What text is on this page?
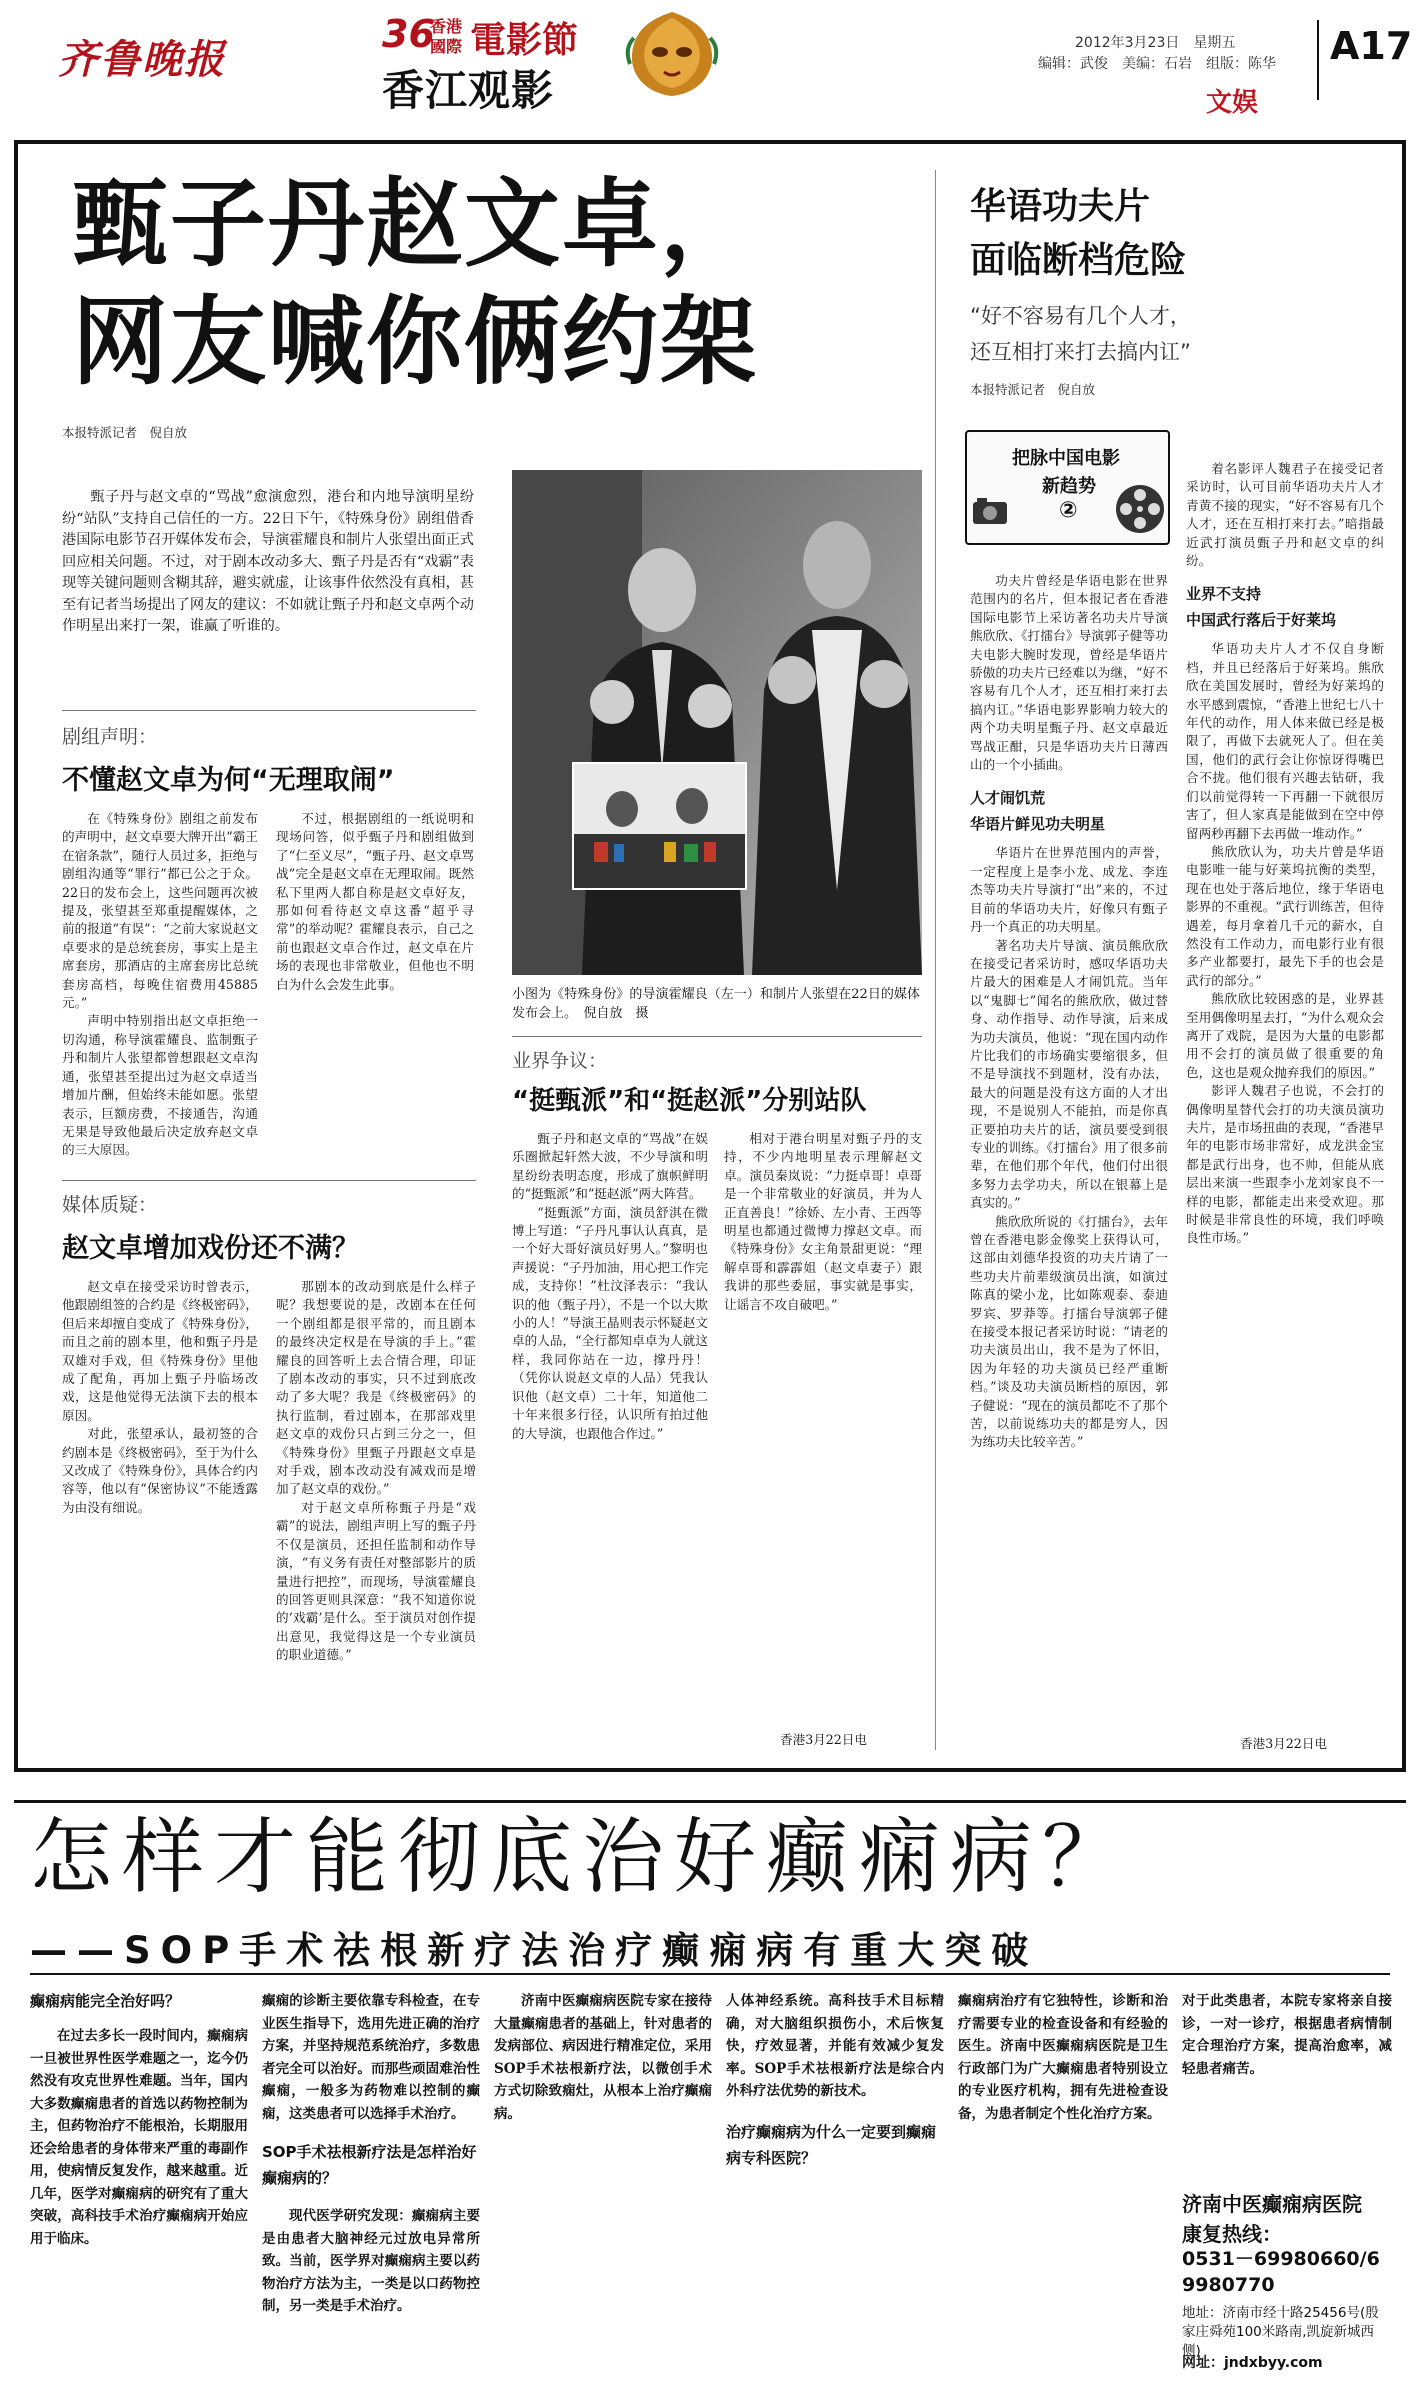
齐鲁晚报
36
香港
國際 電影節
香江观影
2012年3月23日　星期五
编辑：武俊　美编：石岩　组版：陈华 A17
文娱
甄子丹赵文卓，
网友喊你俩约架
本报特派记者　倪自放
甄子丹与赵文卓的“骂战”愈演愈烈，港台和内地导演明星纷纷“站队”支持自己信任的一方。22日下午，《特殊身份》剧组借香港国际电影节召开媒体发布会，导演霍耀良和制片人张望出面正式回应相关问题。不过，对于剧本改动多大、甄子丹是否有“戏霸”表现等关键问题则含糊其辞，避实就虚，让该事件依然没有真相，甚至有记者当场提出了网友的建议：不如就让甄子丹和赵文卓两个动作明星出来打一架，谁赢了听谁的。
小图为《特殊身份》的导演霍耀良（左一）和制片人张望在22日的媒体发布会上。　倪自放　摄
剧组声明：
不懂赵文卓为何“无理取闹”

在《特殊身份》剧组之前发布的声明中，赵文卓要大牌开出“霸王在宿条款”，随行人员过多，拒绝与剧组沟通等“罪行”都已公之于众。22日的发布会上，这些问题再次被提及，张望甚至郑重提醒媒体，之前的报道“有误”：“之前大家说赵文卓要求的是总统套房，事实上是主席套房，那酒店的主席套房比总统套房高档，每晚住宿费用45885元。”

声明中特别指出赵文卓拒绝一切沟通，称导演霍耀良、监制甄子丹和制片人张望都曾想跟赵文卓沟通，张望甚至提出过为赵文卓适当增加片酬，但始终未能如愿。张望表示，巨额房费，不接通告，沟通无果是导致他最后决定放弃赵文卓的三大原因。

不过，根据剧组的一纸说明和现场问答，似乎甄子丹和剧组做到了“仁至义尽”，“甄子丹、赵文卓骂战”完全是赵文卓在无理取闹。既然私下里两人都自称是赵文卓好友，那如何看待赵文卓这番“超乎寻常”的举动呢？霍耀良表示，自己之前也跟赵文卓合作过，赵文卓在片场的表现也非常敬业，但他也不明白为什么会发生此事。

媒体质疑：
赵文卓增加戏份还不满？

赵文卓在接受采访时曾表示，他跟剧组签的合约是《终极密码》，但后来却擅自变成了《特殊身份》，而且之前的剧本里，他和甄子丹是双雄对手戏，但《特殊身份》里他成了配角，再加上甄子丹临场改戏，这是他觉得无法演下去的根本原因。

对此，张望承认，最初签的合约剧本是《终极密码》，至于为什么又改成了《特殊身份》，具体合约内容等，他以有“保密协议”不能透露为由没有细说。

那剧本的改动到底是什么样子呢？我想要说的是，改剧本在任何一个剧组都是很平常的，而且剧本的最终决定权是在导演的手上。”霍耀良的回答听上去合情合理，印证了剧本改动的事实，只不过到底改动了多大呢？我是《终极密码》的执行监制，看过剧本，在那部戏里赵文卓的戏份只占到三分之一，但《特殊身份》里甄子丹跟赵文卓是对手戏，剧本改动没有减戏而是增加了赵文卓的戏份。”

对于赵文卓所称甄子丹是“戏霸”的说法，剧组声明上写的甄子丹不仅是演员，还担任监制和动作导演，“有义务有责任对整部影片的质量进行把控”，而现场，导演霍耀良的回答更则具深意：“我不知道你说的‘戏霸’是什么。至于演员对创作提出意见，我觉得这是一个专业演员的职业道德。”

业界争议：
“挺甄派”和“挺赵派”分别站队

甄子丹和赵文卓的“骂战”在娱乐圈掀起轩然大波，不少导演和明星纷纷表明态度，形成了旗帜鲜明的“挺甄派”和“挺赵派”两大阵营。

“挺甄派”方面，演员舒淇在微博上写道：“子丹凡事认认真真，是一个好大哥好演员好男人。”黎明也声援说：“子丹加油，用心把工作完成，支持你！”杜汶泽表示：“我认识的他（甄子丹），不是一个以大欺小的人！”导演王晶则表示怀疑赵文卓的人品，“全行都知卓卓为人就这样，我同你站在一边，撑丹丹！（凭你认说赵文卓的人品）凭我认识他（赵文卓）二十年，知道他二十年来很多行径，认识所有拍过他的大导演，也跟他合作过。”

相对于港台明星对甄子丹的支持，不少内地明星表示理解赵文卓。演员秦岚说：“力挺卓哥！卓哥是一个非常敬业的好演员，并为人正直善良！”徐娇、左小青、王西等明星也都通过微博力撑赵文卓。而《特殊身份》女主角景甜更说：“理解卓哥和霹霹姐（赵文卓妻子）跟我讲的那些委屈，事实就是事实，让谣言不攻自破吧。”

香港3月22日电
华语功夫片
面临断档危险
“好不容易有几个人才，
还互相打来打去搞内讧”
本报特派记者　倪自放
把脉中国电影
新趋势
②

功夫片曾经是华语电影在世界范围内的名片，但本报记者在香港国际电影节上采访著名功夫片导演熊欣欣、《打擂台》导演郭子健等功夫电影大腕时发现，曾经是华语片骄傲的功夫片已经难以为继，“好不容易有几个人才，还互相打来打去搞内讧。”华语电影界影响力较大的两个功夫明星甄子丹、赵文卓最近骂战正酣，只是华语功夫片日薄西山的一个小插曲。

人才闹饥荒

华语片鲜见功夫明星

华语片在世界范围内的声誉，一定程度上是李小龙、成龙、李连杰等功夫片导演打“出”来的，不过目前的华语功夫片，好像只有甄子丹一个真正的功夫明星。

著名功夫片导演、演员熊欣欣在接受记者采访时，感叹华语功夫片最大的困难是人才闹饥荒。当年以“鬼脚七”闻名的熊欣欣，做过替身、动作指导、动作导演，后来成为功夫演员，他说：“现在国内动作片比我们的市场确实要缩很多，但不是导演找不到题材，没有办法，最大的问题是没有这方面的人才出现，不是说别人不能拍，而是你真正要拍功夫片的话，演员要受到很专业的训练。《打擂台》用了很多前辈，在他们那个年代，他们付出很多努力去学功夫，所以在银幕上是真实的。”

熊欣欣所说的《打擂台》，去年曾在香港电影金像奖上获得认可，这部由刘德华投资的功夫片请了一些功夫片前辈级演员出演，如演过陈真的梁小龙，比如陈观泰、泰迪罗宾、罗莽等。打擂台导演郭子健在接受本报记者采访时说：“请老的功夫演员出山，我不是为了怀旧，因为年轻的功夫演员已经严重断档。”谈及功夫演员断档的原因，郭子健说：“现在的演员都吃不了那个苦，以前说练功夫的都是穷人，因为练功夫比较辛苦。”

着名影评人魏君子在接受记者采访时，认可目前华语功夫片人才青黄不接的现实，“好不容易有几个人才，还在互相打来打去。”暗指最近武打演员甄子丹和赵文卓的纠纷。

业界不支持

中国武行落后于好莱坞

华语功夫片人才不仅自身断档，并且已经落后于好莱坞。熊欣欣在美国发展时，曾经为好莱坞的水平感到震惊，“香港上世纪七八十年代的动作，用人体来做已经是极限了，再做下去就死人了。但在美国，他们的武行会让你惊讶得嘴巴合不拢。他们很有兴趣去钻研，我们以前觉得转一下再翻一下就很厉害了，但人家真是能做到在空中停留两秒再翻下去再做一堆动作。”

熊欣欣认为，功夫片曾是华语电影唯一能与好莱坞抗衡的类型，现在也处于落后地位，缘于华语电影界的不重视。“武行训练苦，但待遇差，每月拿着几千元的薪水，自然没有工作动力，而电影行业有很多产业都要打，最先下手的也会是武行的部分。”

熊欣欣比较困惑的是，业界甚至用偶像明星去打，“为什么观众会离开了戏院，是因为大量的电影都用不会打的演员做了很重要的角色，这也是观众抛弃我们的原因。”

影评人魏君子也说，不会打的偶像明星替代会打的功夫演员演功夫片，是市场扭曲的表现，“香港早年的电影市场非常好，成龙洪金宝都是武行出身，也不帅，但能从底层出来演一些跟李小龙刘家良不一样的电影，都能走出来受欢迎。那时候是非常良性的环境，我们呼唤良性市场。”

香港3月22日电
怎样才能彻底治好癫痫病？
——SOP手术祛根新疗法治疗癫痫病有重大突破

癫痫病能完全治好吗？

在过去多长一段时间内，癫痫病一旦被世界性医学难题之一，迄今仍然没有攻克世界性难题。当年，国内大多数癫痫患者的首选以药物控制为主，但药物治疗不能根治，长期服用还会给患者的身体带来严重的毒副作用，使病情反复发作，越来越重。近几年，医学对癫痫病的研究有了重大突破，高科技手术治疗癫痫病开始应用于临床。

癫痫的诊断主要依靠专科检查，在专业医生指导下，选用先进正确的治疗方案，并坚持规范系统治疗，多数患者完全可以治好。而那些顽固难治性癫痫，一般多为药物难以控制的癫痫，这类患者可以选择手术治疗。

SOP手术祛根新疗法是怎样治好癫痫病的？

现代医学研究发现：癫痫病主要是由患者大脑神经元过放电异常所致。当前，医学界对癫痫病主要以药物治疗方法为主，一类是以口药物控制，另一类是手术治疗。

济南中医癫痫病医院专家在接待大量癫痫患者的基础上，针对患者的发病部位、病因进行精准定位，采用SOP手术祛根新疗法，以微创手术方式切除致痫灶，从根本上治疗癫痫病。

人体神经系统。高科技手术目标精确，对大脑组织损伤小，术后恢复快，疗效显著，并能有效减少复发率。SOP手术祛根新疗法是综合内外科疗法优势的新技术。

治疗癫痫病为什么一定要到癫痫病专科医院？

癫痫病治疗有它独特性，诊断和治疗需要专业的检查设备和有经验的医生。济南中医癫痫病医院是卫生行政部门为广大癫痫患者特别设立的专业医疗机构，拥有先进检查设备，为患者制定个性化治疗方案。

对于此类患者，本院专家将亲自接诊，一对一诊疗，根据患者病情制定合理治疗方案，提高治愈率，减轻患者痛苦。

济南中医癫痫病医院
康复热线：
0531－69980660/69980770
地址：济南市经十路25456号(殷家庄舜苑100米路南,凯旋新城西侧)
网址：jndxbyy.com
